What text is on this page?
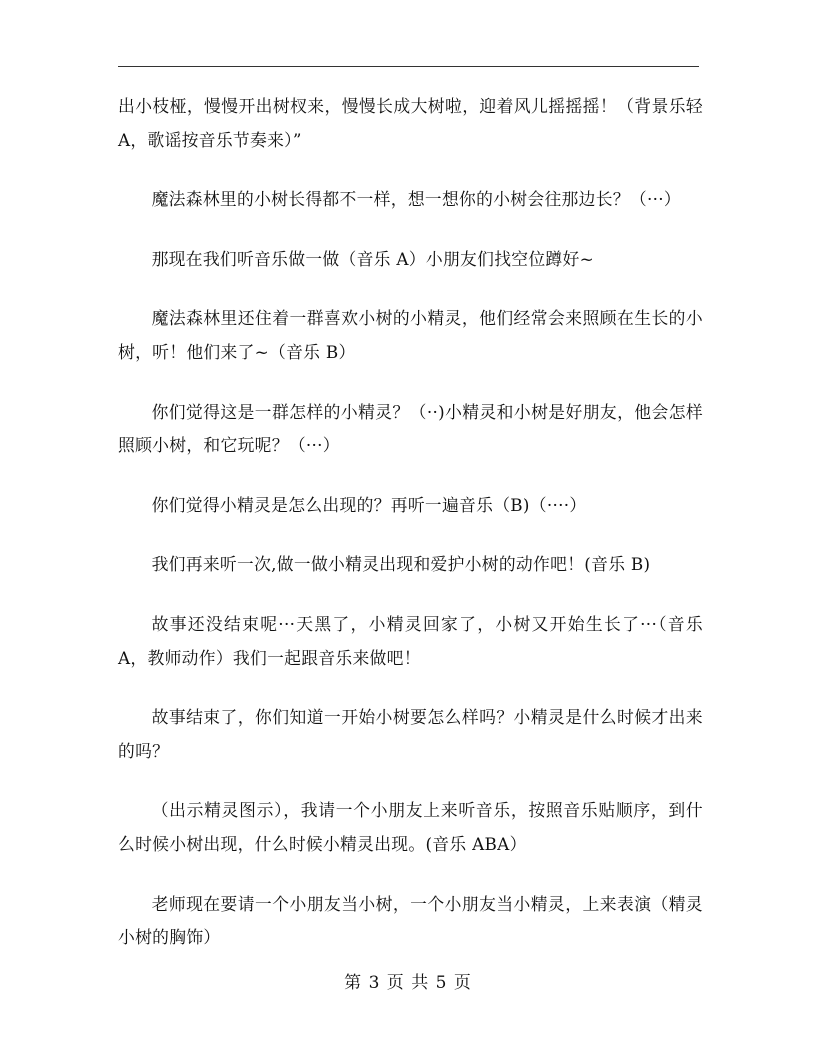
出小枝桠，慢慢开出树杈来，慢慢长成大树啦，迎着风儿摇摇摇！（背景乐轻 A，歌谣按音乐节奏来）”

魔法森林里的小树长得都不一样，想一想你的小树会往那边长？（···）

那现在我们听音乐做一做（音乐 A）小朋友们找空位蹲好~

魔法森林里还住着一群喜欢小树的小精灵，他们经常会来照顾在生长的小树，听！他们来了~（音乐 B）

你们觉得这是一群怎样的小精灵？（··)小精灵和小树是好朋友，他会怎样照顾小树，和它玩呢？（···）

你们觉得小精灵是怎么出现的？再听一遍音乐（B)（····）

我们再来听一次,做一做小精灵出现和爱护小树的动作吧！(音乐 B)

故事还没结束呢···天黑了，小精灵回家了，小树又开始生长了···（音乐 A，教师动作）我们一起跟音乐来做吧！

故事结束了，你们知道一开始小树要怎么样吗？小精灵是什么时候才出来的吗？

（出示精灵图示），我请一个小朋友上来听音乐，按照音乐贴顺序，到什么时候小树出现，什么时候小精灵出现。(音乐 ABA）

老师现在要请一个小朋友当小树，一个小朋友当小精灵，上来表演（精灵小树的胸饰）

第 3 页 共 5 页
